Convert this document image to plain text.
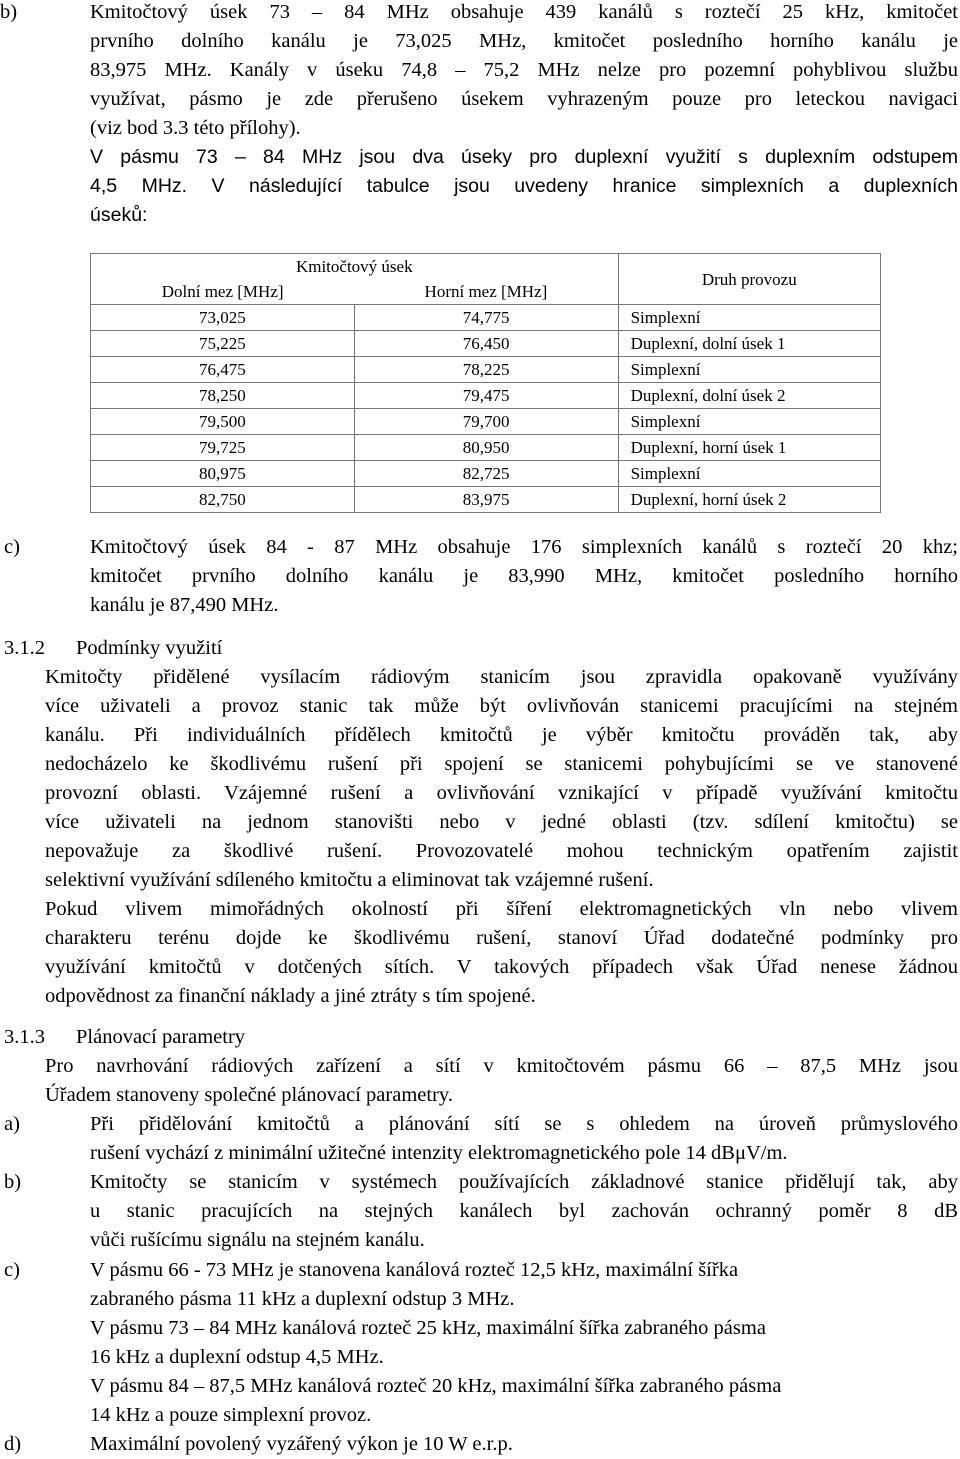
b)	Kmitočtový úsek 73 – 84 MHz obsahuje 439 kanálů s roztečí 25 kHz, kmitočet
prvního dolního kanálu je 73,025 MHz, kmitočet posledního horního kanálu je
83,975 MHz. Kanály v úseku 74,8 – 75,2 MHz nelze pro pozemní pohyblivou službu
využívat, pásmo je zde přerušeno úsekem vyhrazeným pouze pro leteckou navigaci
(viz bod 3.3 této přílohy).
V pásmu 73 – 84 MHz jsou dva úseky pro duplexní využití s duplexním odstupem
4,5 MHz. V následující tabulce jsou uvedeny hranice simplexních a duplexních
úseků:
Kmitočtový úsek		Druh provozu
Dolní mez [MHz]	Horní mez [MHz]	
73,025	74,775	Simplexní
75,225	76,450	Duplexní, dolní úsek 1
76,475	78,225	Simplexní
78,250	79,475	Duplexní, dolní úsek 2
79,500	79,700	Simplexní
79,725	80,950	Duplexní, horní úsek 1
80,975	82,725	Simplexní
82,750	83,975	Duplexní, horní úsek 2
c)	Kmitočtový úsek 84 - 87 MHz obsahuje 176 simplexních kanálů s roztečí 20 khz;
kmitočet prvního dolního kanálu je 83,990 MHz, kmitočet posledního horního
kanálu je 87,490 MHz.
3.1.2 Podmínky využití
Kmitočty přidělené vysílacím rádiovým stanicím jsou zpravidla opakovaně využívány
více uživateli a provoz stanic tak může být ovlivňován stanicemi pracujícími na stejném
kanálu. Při individuálních přídělech kmitočtů je výběr kmitočtu prováděn tak, aby
nedocházelo ke škodlivému rušení při spojení se stanicemi pohybujícími se ve stanovené
provozní oblasti. Vzájemné rušení a ovlivňování vznikající v případě využívání kmitočtu
více uživateli na jednom stanovišti nebo v jedné oblasti (tzv. sdílení kmitočtu) se
nepovažuje za škodlivé rušení. Provozovatelé mohou technickým opatřením zajistit
selektivní využívání sdíleného kmitočtu a eliminovat tak vzájemné rušení.
Pokud vlivem mimořádných okolností při šíření elektromagnetických vln nebo vlivem
charakteru terénu dojde ke škodlivému rušení, stanoví Úřad dodatečné podmínky pro
využívání kmitočtů v dotčených sítích. V takových případech však Úřad nenese žádnou
odpovědnost za finanční náklady a jiné ztráty s tím spojené.
3.1.3 Plánovací parametry
Pro navrhování rádiových zařízení a sítí v kmitočtovém pásmu 66 – 87,5 MHz jsou
Úřadem stanoveny společné plánovací parametry.
a)	Při přidělování kmitočtů a plánování sítí se s ohledem na úroveň průmyslového
rušení vychází z minimální užitečné intenzity elektromagnetického pole 14 dBμV/m.
b)	Kmitočty se stanicím v systémech používajících základnové stanice přidělují tak, aby
u stanic pracujících na stejných kanálech byl zachován ochranný poměr 8 dB
vůči rušícímu signálu na stejném kanálu.
c)	V pásmu 66 - 73 MHz je stanovena kanálová rozteč 12,5 kHz, maximální šířka
zabraného pásma 11 kHz a duplexní odstup 3 MHz.
V pásmu 73 – 84 MHz kanálová rozteč 25 kHz, maximální šířka zabraného pásma
16 kHz a duplexní odstup 4,5 MHz.
V pásmu 84 – 87,5 MHz kanálová rozteč 20 kHz, maximální šířka zabraného pásma
14 kHz a pouze simplexní provoz.
d)	Maximální povolený vyzářený výkon je 10 W e.r.p.
